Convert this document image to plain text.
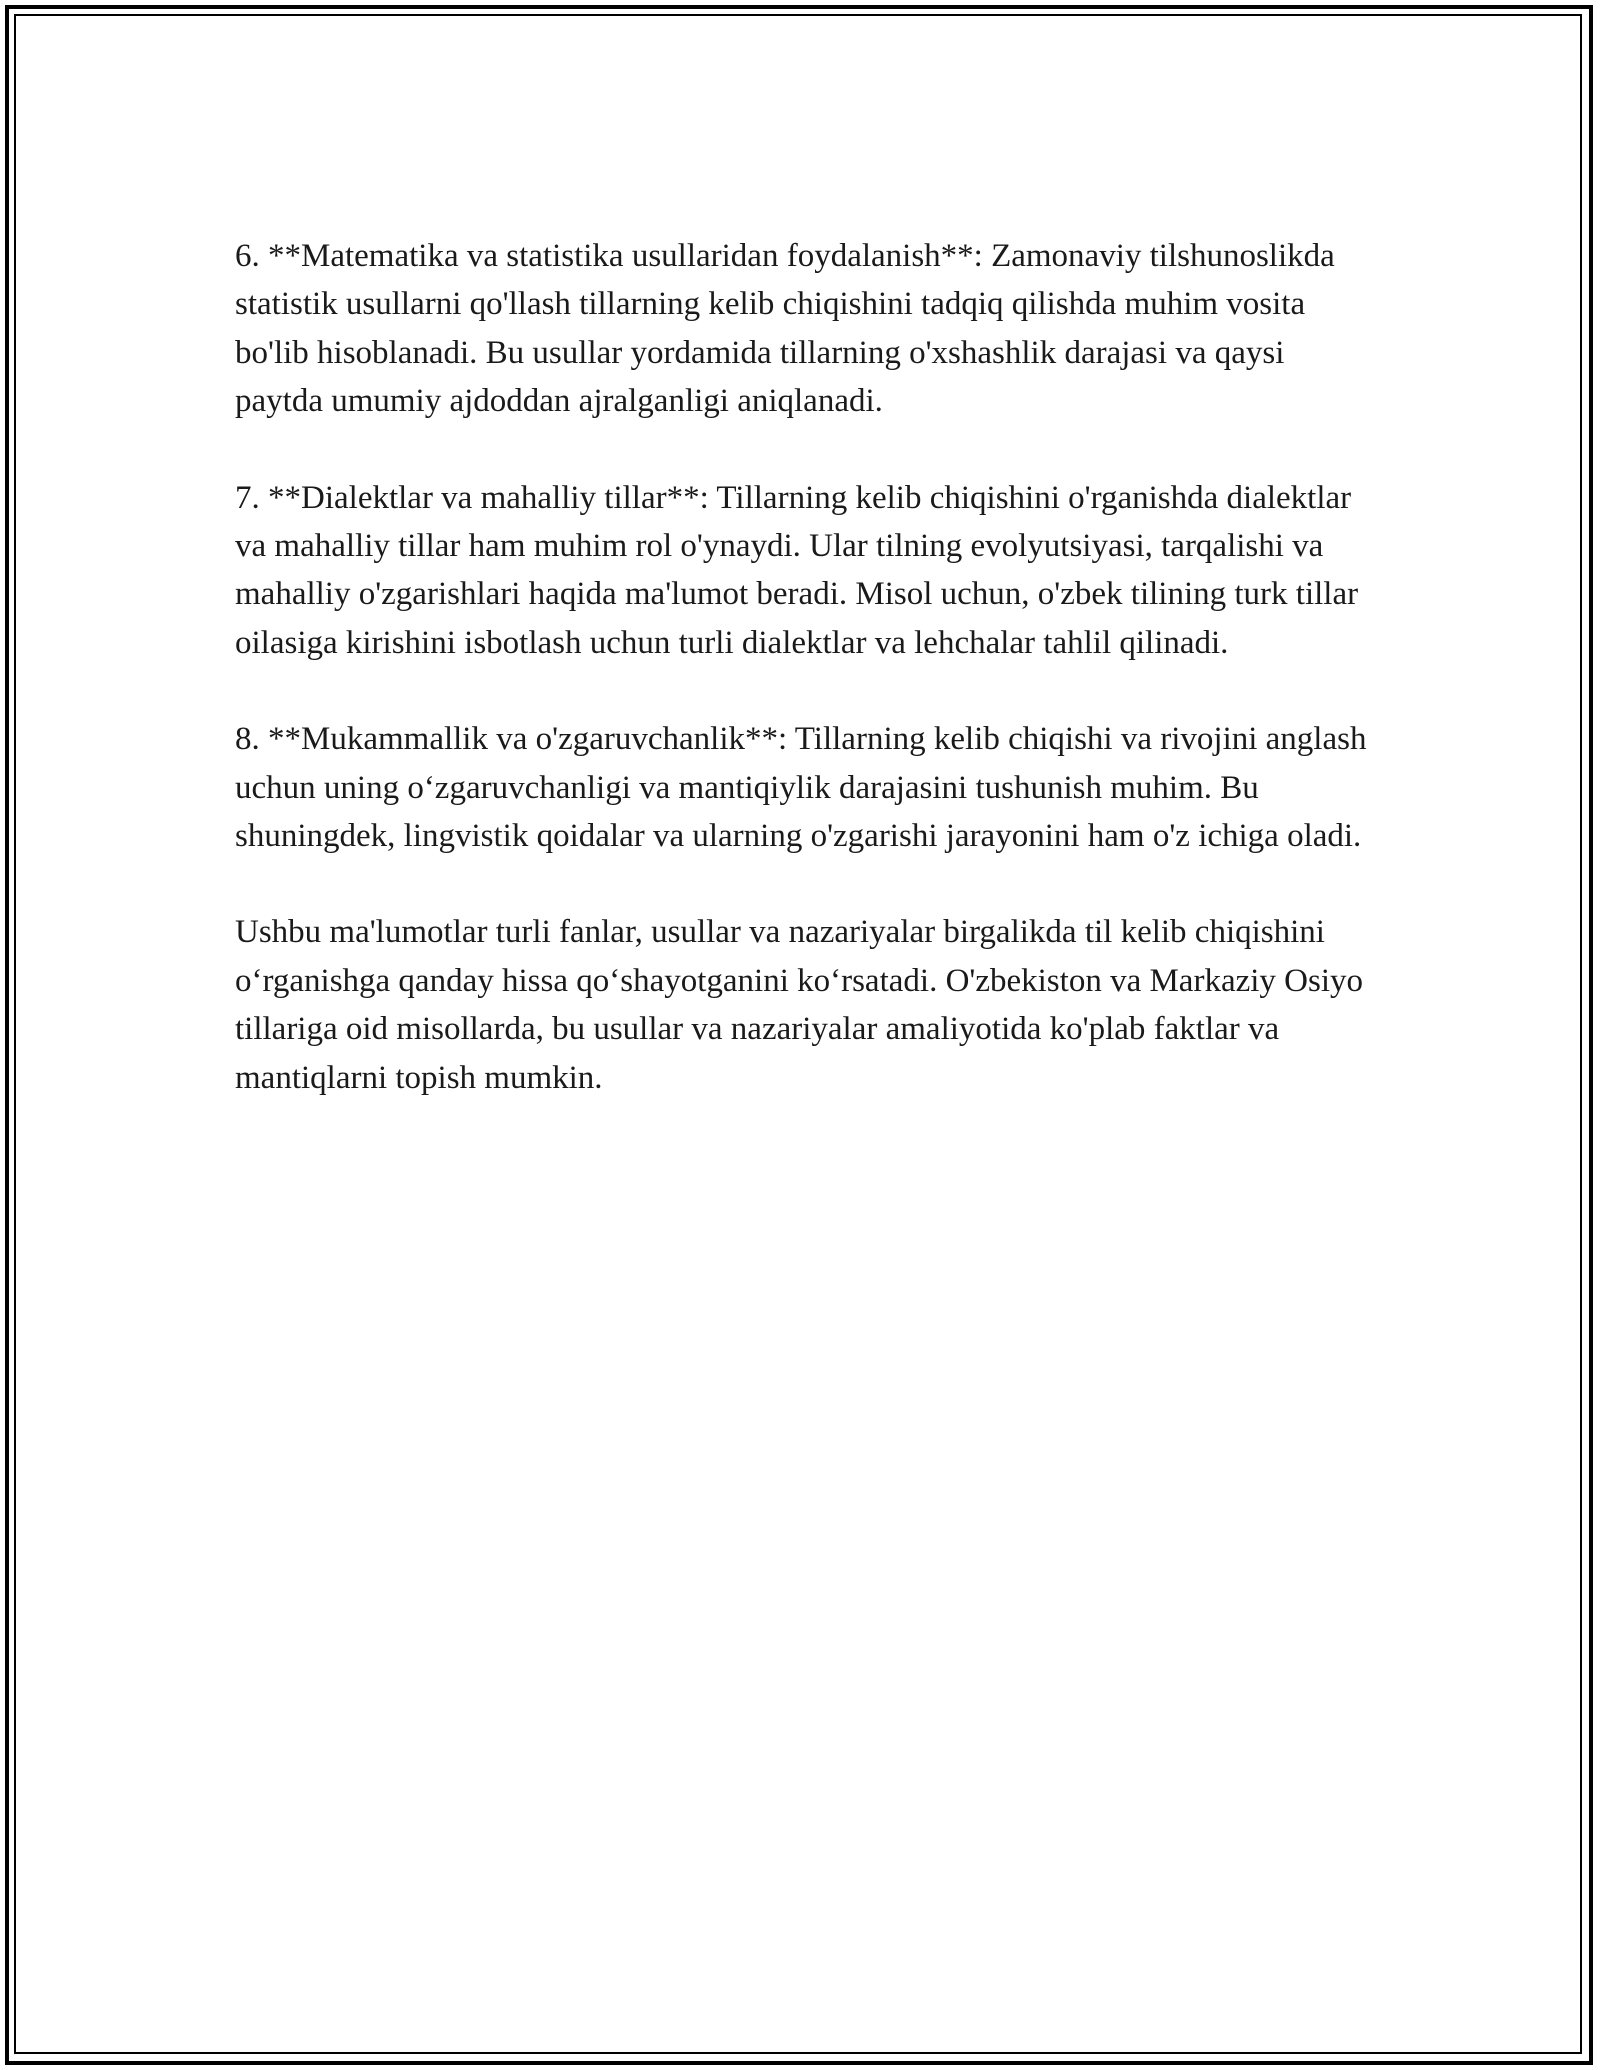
6. **Matematika va statistika usullaridan foydalanish**: Zamonaviy tilshunoslikda statistik usullarni qo'llash tillarning kelib chiqishini tadqiq qilishda muhim vosita bo'lib hisoblanadi. Bu usullar yordamida tillarning o'xshashlik darajasi va qaysi paytda umumiy ajdoddan ajralganligi aniqlanadi.

7. **Dialektlar va mahalliy tillar**: Tillarning kelib chiqishini o'rganishda dialektlar va mahalliy tillar ham muhim rol o'ynaydi. Ular tilning evolyutsiyasi, tarqalishi va mahalliy o'zgarishlari haqida ma'lumot beradi. Misol uchun, o'zbek tilining turk tillar oilasiga kirishini isbotlash uchun turli dialektlar va lehchalar tahlil qilinadi.

8. **Mukammallik va o'zgaruvchanlik**: Tillarning kelib chiqishi va rivojini anglash uchun uning o‘zgaruvchanligi va mantiqiylik darajasini tushunish muhim. Bu shuningdek, lingvistik qoidalar va ularning o'zgarishi jarayonini ham o'z ichiga oladi.

Ushbu ma'lumotlar turli fanlar, usullar va nazariyalar birgalikda til kelib chiqishini o‘rganishga qanday hissa qo‘shayotganini ko‘rsatadi. O'zbekiston va Markaziy Osiyo tillariga oid misollarda, bu usullar va nazariyalar amaliyotida ko'plab faktlar va mantiqlarni topish mumkin.
